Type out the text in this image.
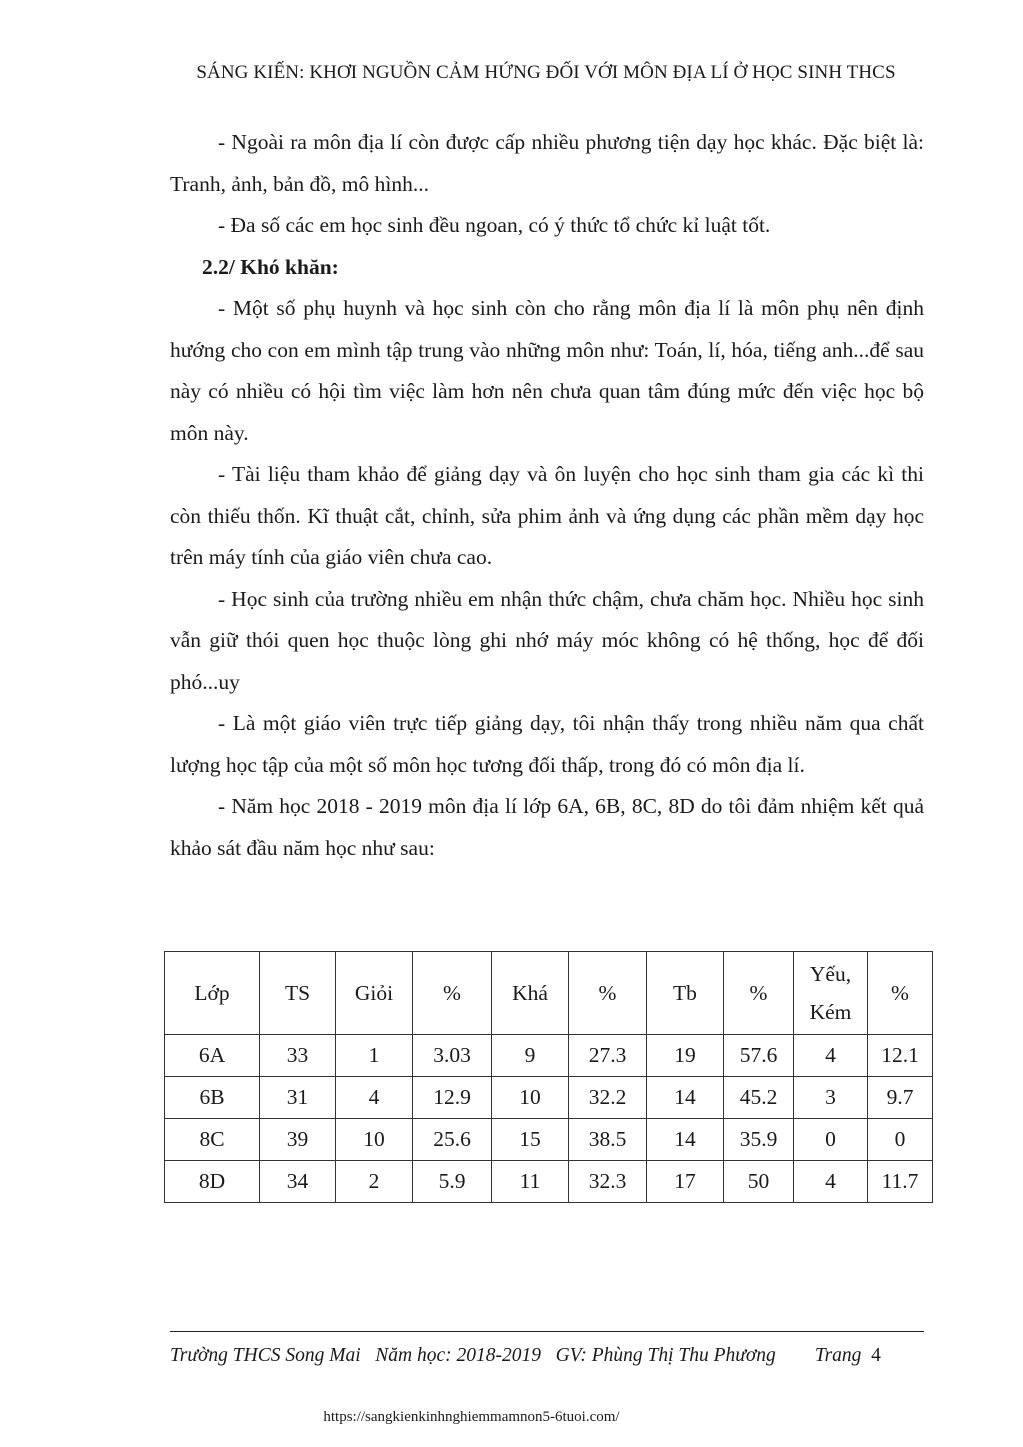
SÁNG KIẾN: KHƠI NGUỒN CẢM HỨNG ĐỐI VỚI MÔN ĐỊA LÍ Ở HỌC SINH THCS

- Ngoài ra môn địa lí còn được cấp nhiều phương tiện dạy học khác. Đặc biệt là: Tranh, ảnh, bản đồ, mô hình...

- Đa số các em học sinh đều ngoan, có ý thức tổ chức kỉ luật tốt.

2.2/ Khó khăn:

- Một số phụ huynh và học sinh còn cho rằng môn địa lí là môn phụ nên định hướng cho con em mình tập trung vào những môn như: Toán, lí, hóa, tiếng anh...để sau này có nhiều có hội tìm việc làm hơn nên chưa quan tâm đúng mức đến việc học bộ môn này.

- Tài liệu tham khảo để giảng dạy và ôn luyện cho học sinh tham gia các kì thi còn thiếu thốn. Kĩ thuật cắt, chỉnh, sửa phim ảnh và ứng dụng các phần mềm dạy học trên máy tính của giáo viên chưa cao.

- Học sinh của trường nhiều em nhận thức chậm, chưa chăm học. Nhiều học sinh vẫn giữ thói quen học thuộc lòng ghi nhớ máy móc không có hệ thống, học để đối phó...uy

- Là một giáo viên trực tiếp giảng dạy, tôi nhận thấy trong nhiều năm qua chất lượng học tập của một số môn học tương đối thấp, trong đó có môn địa lí.

- Năm học 2018 - 2019 môn địa lí lớp 6A, 6B, 8C, 8D do tôi đảm nhiệm kết quả khảo sát đầu năm học như sau:

Lớp	TS	Giỏi	%	Khá	%	Tb	%	Yếu, Kém	%
6A	33	1	3.03	9	27.3	19	57.6	4	12.1
6B	31	4	12.9	10	32.2	14	45.2	3	9.7
8C	39	10	25.6	15	38.5	14	35.9	0	0
8D	34	2	5.9	11	32.3	17	50	4	11.7
Trường THCS Song Mai Năm học: 2018-2019 GV: Phùng Thị Thu Phương Trang 4
https://sangkienkinhnghiemmamnon5-6tuoi.com/
